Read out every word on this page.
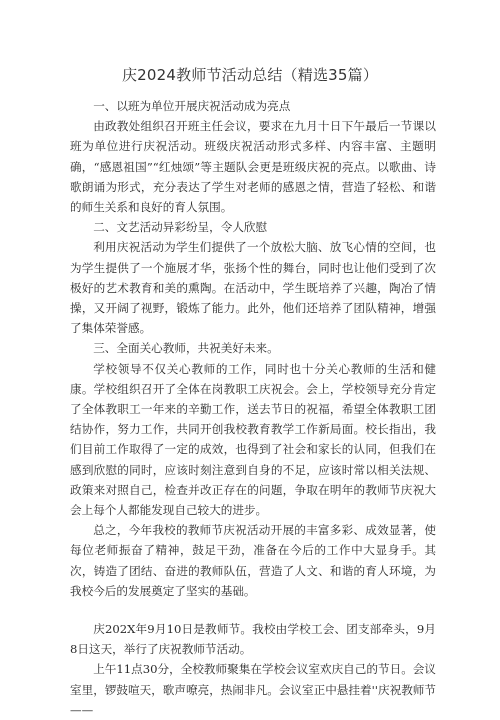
庆2024教师节活动总结（精选35篇）

一、以班为单位开展庆祝活动成为亮点

由政教处组织召开班主任会议，要求在九月十日下午最后一节课以班为单位进行庆祝活动。班级庆祝活动形式多样、内容丰富、主题明确，“感恩祖国”“红烛颂”等主题队会更是班级庆祝的亮点。以歌曲、诗歌朗诵为形式，充分表达了学生对老师的感恩之情，营造了轻松、和谐的师生关系和良好的育人氛围。

二、文艺活动异彩纷呈，令人欣慰

利用庆祝活动为学生们提供了一个放松大脑、放飞心情的空间，也为学生提供了一个施展才华，张扬个性的舞台，同时也让他们受到了次极好的艺术教育和美的熏陶。在活动中，学生既培养了兴趣，陶冶了情操，又开阔了视野，锻炼了能力。此外，他们还培养了团队精神，增强了集体荣誉感。

三、全面关心教师，共祝美好未来。

学校领导不仅关心教师的工作，同时也十分关心教师的生活和健康。学校组织召开了全体在岗教职工庆祝会。会上，学校领导充分肯定了全体教职工一年来的辛勤工作，送去节日的祝福，希望全体教职工团结协作，努力工作，共同开创我校教育教学工作新局面。校长指出，我们目前工作取得了一定的成效，也得到了社会和家长的认同，但我们在感到欣慰的同时，应该时刻注意到自身的不足，应该时常以相关法规、政策来对照自己，检查并改正存在的问题，争取在明年的教师节庆祝大会上每个人都能发现自己较大的进步。

总之，今年我校的教师节庆祝活动开展的丰富多彩、成效显著，使每位老师振奋了精神，鼓足干劲，准备在今后的工作中大显身手。其次，铸造了团结、奋进的教师队伍，营造了人文、和谐的育人环境，为我校今后的发展奠定了坚实的基础。

庆202X年9月10日是教师节。我校由学校工会、团支部牵头，9月8日这天，举行了庆祝教师节活动。

上午11点30分，全校教师聚集在学校会议室欢庆自己的节日。会议室里，锣鼓喧天，歌声嘹亮，热闹非凡。会议室正中悬挂着''庆祝教师节——
